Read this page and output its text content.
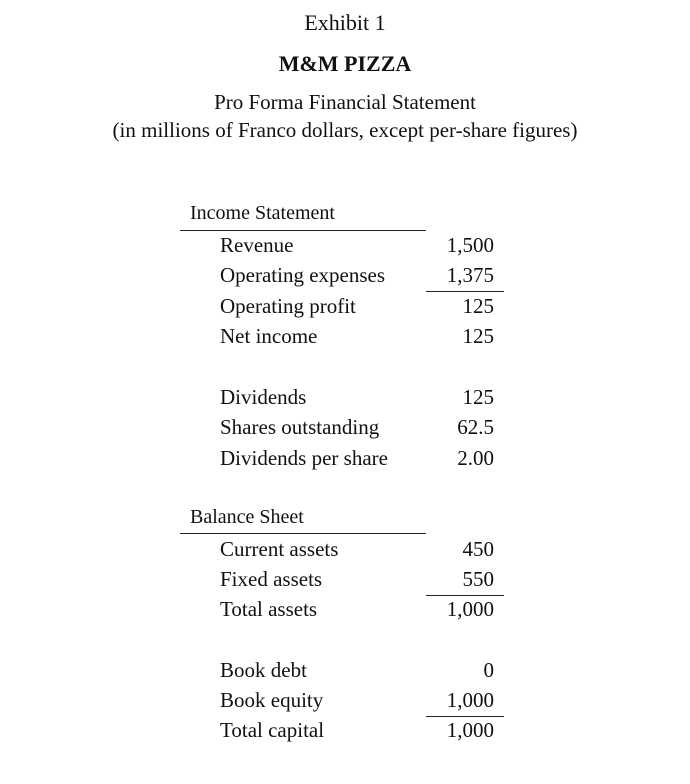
Exhibit 1
M&M PIZZA
Pro Forma Financial Statement
(in millions of Franco dollars, except per-share figures)
Income Statement
Revenue	1,500
Operating expenses	1,375
Operating profit	125
Net income	125
Dividends	125
Shares outstanding	62.5
Dividends per share	2.00
Balance Sheet
Current assets	450
Fixed assets	550
Total assets	1,000
Book debt	0
Book equity	1,000
Total capital	1,000
